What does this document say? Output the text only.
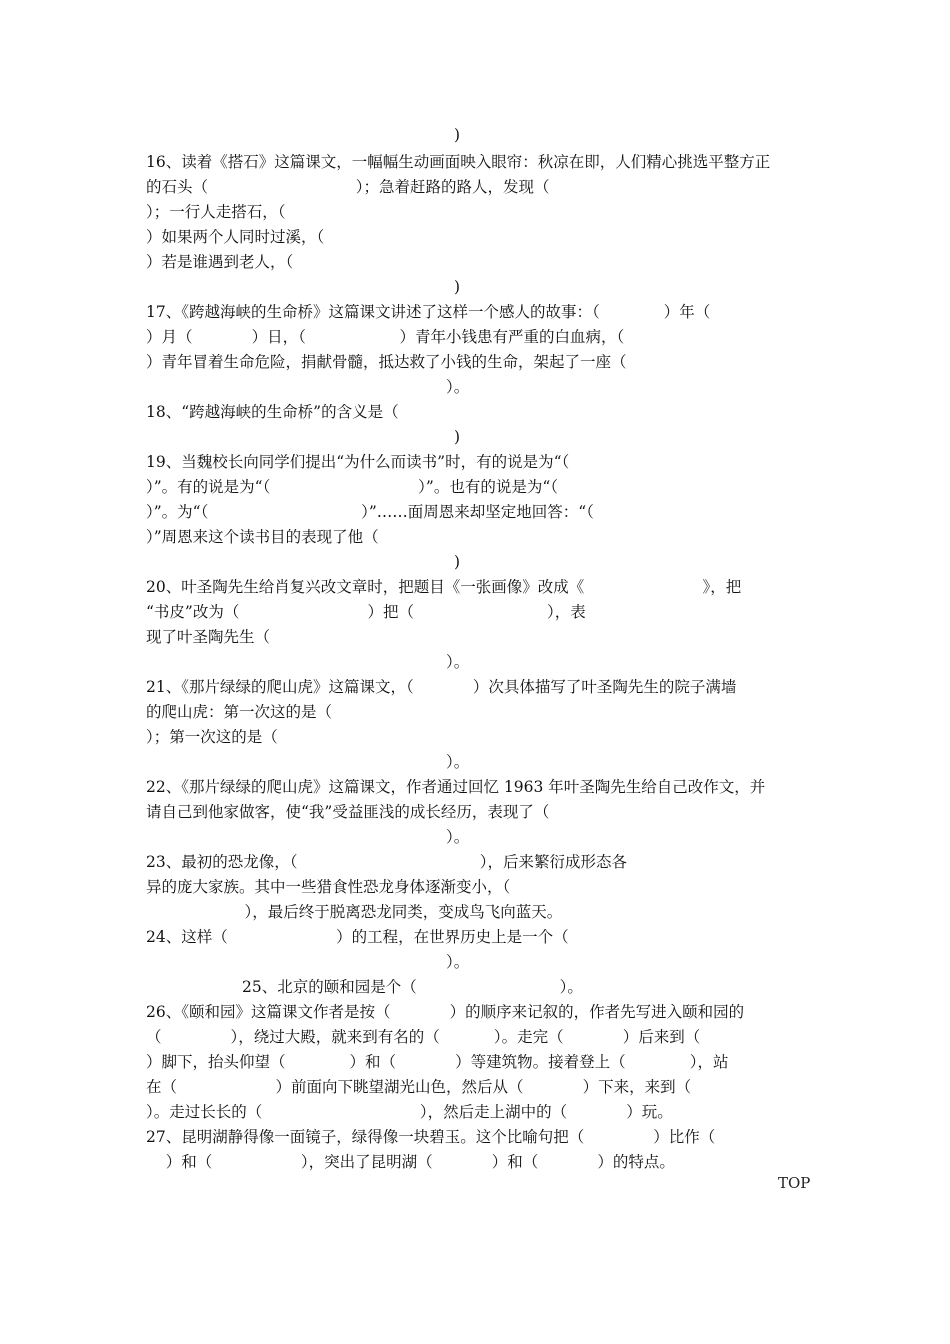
)
16、读着《搭石》这篇课文，一幅幅生动画面映入眼帘：秋凉在即，人们精心挑选平整方正
的石头（                              ）；急着赶路的路人，发现（
）；一行人走搭石，（
）如果两个人同时过溪，（
）若是谁遇到老人，（
)
17、《跨越海峡的生命桥》这篇课文讲述了这样一个感人的故事：（             ）年（
）月（            ）日，（                   ）青年小钱患有严重的白血病，（
）青年冒着生命危险，捐献骨髓，抵达救了小钱的生命，架起了一座（
）。
18、“跨越海峡的生命桥”的含义是（
)
19、当魏校长向同学们提出“为什么而读书”时，有的说是为“（
）”。有的说是为“（                              ）”。也有的说是为“（
）”。为“（                               ）”……面周恩来却坚定地回答：“（
）”周恩来这个读书目的表现了他（
)
20、叶圣陶先生给肖复兴改文章时，把题目《一张画像》改成《                        》，把
“书皮”改为（                          ）把（                           ），表
现了叶圣陶先生（
）。
21、《那片绿绿的爬山虎》这篇课文，（            ）次具体描写了叶圣陶先生的院子满墙
的爬山虎：第一次这的是（
）；第一次这的是（
）。
22、《那片绿绿的爬山虎》这篇课文，作者通过回忆 1963 年叶圣陶先生给自己改作文，并
请自己到他家做客，使“我”受益匪浅的成长经历，表现了（
）。
23、最初的恐龙像，（                                     ），后来繁衍成形态各
异的庞大家族。其中一些猎食性恐龙身体逐渐变小，（
），最后终于脱离恐龙同类，变成鸟飞向蓝天。
24、这样（                      ）的工程，在世界历史上是一个（
）。
25、北京的颐和园是个（                             ）。
26、《颐和园》这篇课文作者是按（            ）的顺序来记叙的，作者先写进入颐和园的
（              ），绕过大殿，就来到有名的（           ）。走完（            ）后来到（
）脚下，抬头仰望（             ）和（            ）等建筑物。接着登上（             ），站
在（                    ）前面向下眺望湖光山色，然后从（            ）下来，来到（
）。走过长长的（                                ），然后走上湖中的（            ）玩。
27、昆明湖静得像一面镜子，绿得像一块碧玉。这个比喻句把（              ）比作（
）和（                  ），突出了昆明湖（            ）和（            ）的特点。
TOP
